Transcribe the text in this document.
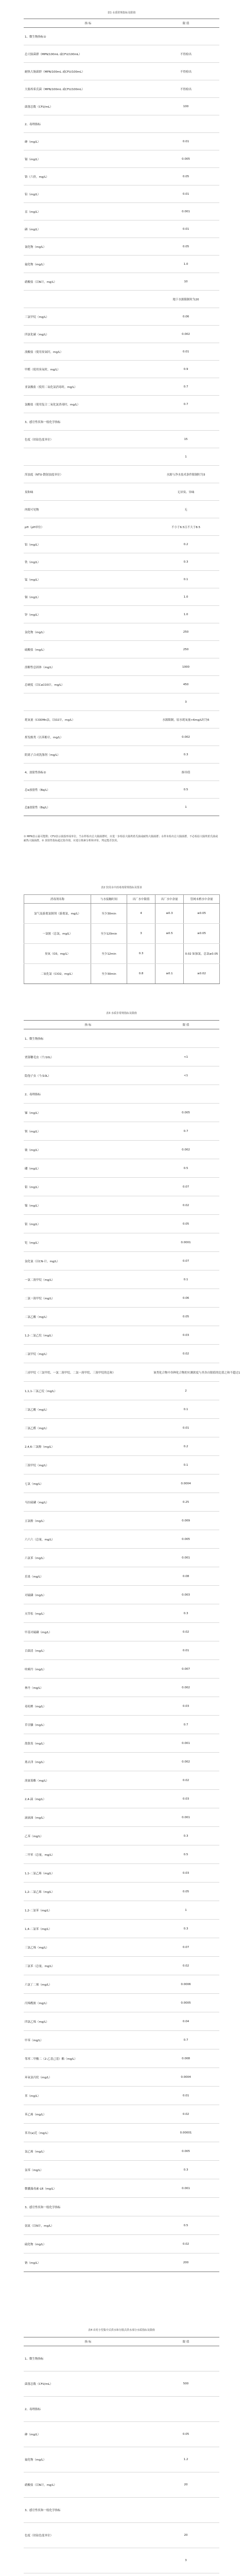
表1 水质常规指标及限值
指 标	限 值
1、微生物指标①	
总大肠菌群（MPN/100mL 或CFU/100mL）	不得检出
耐热大肠菌群（MPN/100mL 或CFU/100mL）	不得检出
大肠埃希氏菌（MPN/100mL 或CFU/100mL）	不得检出
菌落总数（CFU/mL）	100
2、毒理指标	
砷（mg/L）	0.01
镉（mg/L）	0.005
铬（六价，mg/L）	0.05
铅（mg/L）	0.01
汞（mg/L）	0.001
硒（mg/L）	0.01
氰化物（mg/L）	0.05
氟化物（mg/L）	1.0
硝酸盐（以N计，mg/L）	10
	地下水源限制时为20
三氯甲烷（mg/L）	0.06
四氯化碳（mg/L）	0.002
溴酸盐（使用臭氧时，mg/L）	0.01
甲醛（使用臭氧时，mg/L）	0.9
亚氯酸盐（使用二氧化氯消毒时，mg/L）	0.7
氯酸盐（使用复合二氧化氯消毒时，mg/L）	0.7
3、感官性状和一般化学指标	
色度（铂钴色度单位）	15
	1
浑浊度（NTU-散射浊度单位）	水源与净水技术条件限制时为3
臭和味	无异臭、异味
肉眼可见物	无
pH（pH单位）	不小于6.5且不大于8.5
铝（mg/L）	0.2
铁（mg/L）	0.3
锰（mg/L）	0.1
铜（mg/L）	1.0
锌（mg/L）	1.0
氯化物（mg/L）	250
硫酸盐（mg/L）	250
溶解性总固体（mg/L）	1000
总硬度（以CaCO3计，mg/L）	450
	3
耗氧量（CODMn法，以O2计，mg/L）	水源限制，原水耗氧量>6mg/L时为5
挥发酚类（以苯酚计，mg/L）	0.002
阴离子合成洗涤剂（mg/L）	0.3
4、放射性指标②	指导值
总α放射性（Bq/L）	0.5
总β放射性（Bq/L）	1
① MPN表示最可能数；CFU表示菌落形成单位。当水样检出总大肠菌群时，应进一步检验大肠埃希氏菌或耐热大肠菌群；水样未检出总大肠菌群，不必检验大肠埃希氏菌或耐热大肠菌群。② 放射性指标超过指导值，应进行核素分析和评价，判定能否饮用。
表2 饮用水中消毒剂常规指标及要求
消毒剂名称	与水接触时间	出厂水中限值	出厂水中余量	管网末梢水中余量
氯气及游离氯制剂（游离氯，mg/L）	至少30min	4	≥0.3	≥0.05
一氯胺（总氯，mg/L）	至少120min	3	≥0.5	≥0.05
臭氧（O3，mg/L）	至少12min	0.3		0.02 如加氯，总氯≥0.05
二氧化氯（ClO2，mg/L）	至少30min	0.8	≥0.1	≥0.02
表3 水质非常规指标及限值
指 标	限 值
1、微生物指标	
贾第鞭毛虫（个/10L）	<1
隐孢子虫（个/10L）	<1
2、毒理指标	
锑（mg/L）	0.005
钡（mg/L）	0.7
铍（mg/L）	0.002
硼（mg/L）	0.5
钼（mg/L）	0.07
镍（mg/L）	0.02
银（mg/L）	0.05
铊（mg/L）	0.0001
氯化氰（以CN-计，mg/L）	0.07
一氯二溴甲烷（mg/L）	0.1
二氯一溴甲烷（mg/L）	0.06
二氯乙酸（mg/L）	0.05
1,2-二氯乙烷（mg/L）	0.03
二氯甲烷（mg/L）	0.02
三卤甲烷（三氯甲烷、一氯二溴甲烷、二氯一溴甲烷、三溴甲烷的总和）	该类化合物中各种化合物的实测浓度与其各自限值的比值之和不超过1
1,1,1-三氯乙烷（mg/L）	2
三氯乙酸（mg/L）	0.1
三氯乙醛（mg/L）	0.01
2,4,6-三氯酚（mg/L）	0.2
三溴甲烷（mg/L）	0.1
七氯（mg/L）	0.0004
马拉硫磷（mg/L）	0.25
五氯酚（mg/L）	0.009
六六六（总量，mg/L）	0.005
六氯苯（mg/L）	0.001
乐果（mg/L）	0.08
对硫磷（mg/L）	0.003
灭草松（mg/L）	0.3
甲基对硫磷（mg/L）	0.02
百菌清（mg/L）	0.01
呋喃丹（mg/L）	0.007
林丹（mg/L）	0.002
毒死蜱（mg/L）	0.03
草甘膦（mg/L）	0.7
敌敌畏（mg/L）	0.001
莠去津（mg/L）	0.002
溴氰菊酯（mg/L）	0.02
2,4-滴（mg/L）	0.03
滴滴涕（mg/L）	0.001
乙苯（mg/L）	0.3
二甲苯（总量，mg/L）	0.5
1,1-二氯乙烯（mg/L）	0.03
1,2-二氯乙烯（mg/L）	0.05
1,2-二氯苯（mg/L）	1
1,4-二氯苯（mg/L）	0.3
三氯乙烯（mg/L）	0.07
三氯苯（总量，mg/L）	0.02
六氯丁二烯（mg/L）	0.0006
丙烯酰胺（mg/L）	0.0005
四氯乙烯（mg/L）	0.04
甲苯（mg/L）	0.7
邻苯二甲酸二（2-乙基己基）酯（mg/L）	0.008
环氧氯丙烷（mg/L）	0.0004
苯（mg/L）	0.01
苯乙烯（mg/L）	0.02
苯并(a)芘（mg/L）	0.00001
氯乙烯（mg/L）	0.005
氯苯（mg/L）	0.3
微囊藻毒素-LR（mg/L）	0.001
3、感官性状和一般化学指标	
氨氮（以N计，mg/L）	0.5
硫化物（mg/L）	0.02
钠（mg/L）	200
表4 农村小型集中式供水和分散式供水部分水质指标及限值
指 标	限 值
1、微生物指标	
菌落总数（CFU/mL）	500
2、毒理指标	
砷（mg/L）	0.05
氟化物（mg/L）	1.2
硝酸盐（以N计，mg/L）	20
3、感官性状和一般化学指标	
色度（铂钴色度单位）	20
	3
